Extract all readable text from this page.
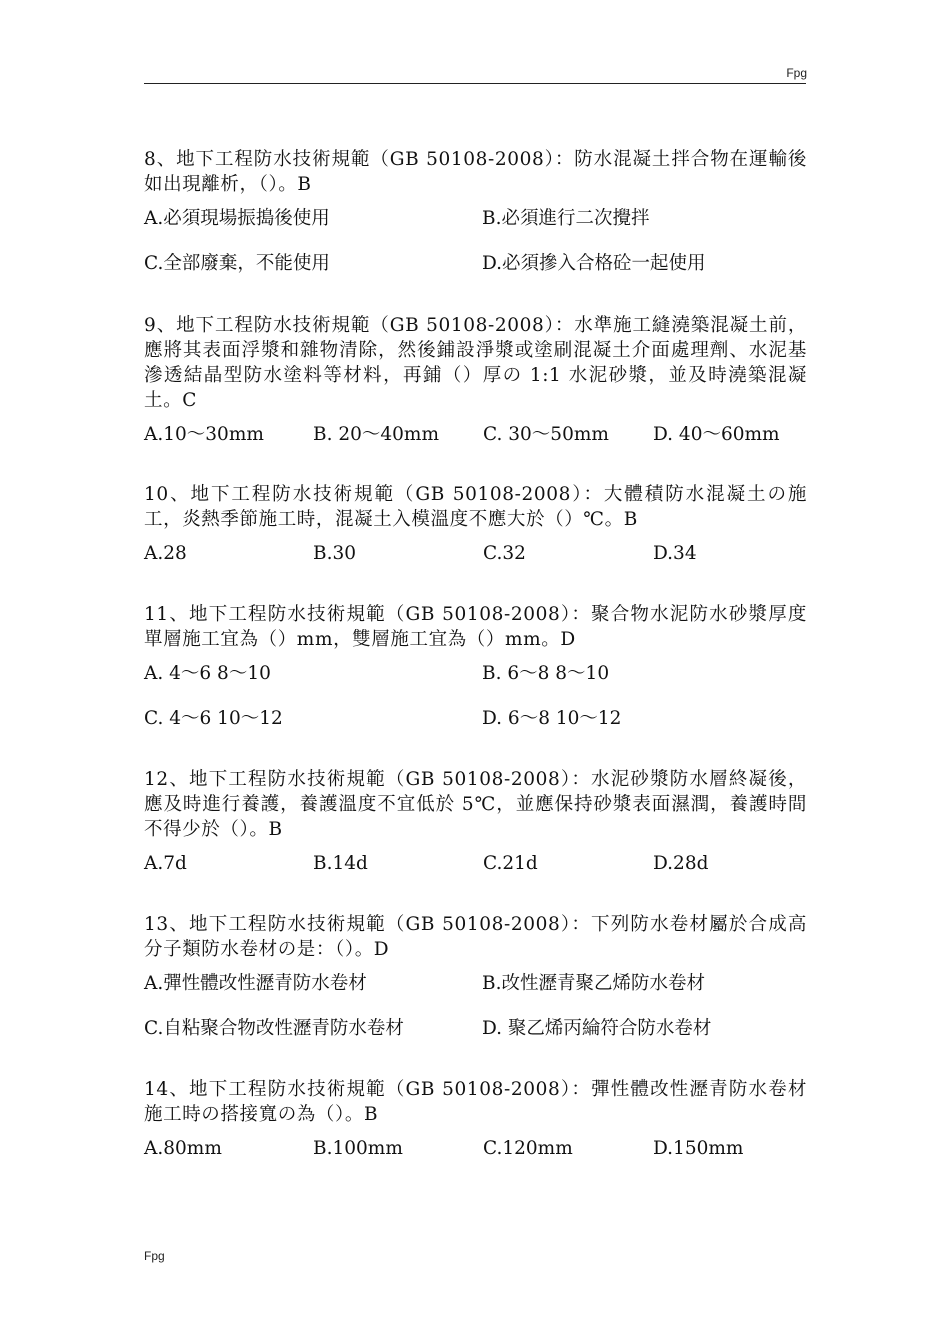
Fpg

8、地下工程防水技術規範（GB 50108-2008）：防水混凝土拌合物在運輸後如出現離析，（）。B

A.必須現場振搗後使用	B.必須進行二次攪拌
C.全部廢棄，不能使用	D.必須摻入合格砼一起使用

9、地下工程防水技術規範（GB 50108-2008）：水準施工縫澆築混凝土前，應將其表面浮漿和雜物清除，然後鋪設淨漿或塗刷混凝土介面處理劑、水泥基滲透結晶型防水塗料等材料，再鋪（）厚の 1:1 水泥砂漿，並及時澆築混凝土。C

A.10～30mm	B. 20～40mm C. 30～50mm D. 40～60mm

10、地下工程防水技術規範（GB 50108-2008）：大體積防水混凝土の施工，炎熱季節施工時，混凝土入模溫度不應大於（）℃。B

A.28	B.30	C.32	D.34

11、地下工程防水技術規範（GB 50108-2008）：聚合物水泥防水砂漿厚度單層施工宜為（）mm，雙層施工宜為（）mm。D

A. 4～6 8～10	B. 6～8 8～10
C. 4～6 10～12	D. 6～8 10～12

12、地下工程防水技術規範（GB 50108-2008）：水泥砂漿防水層終凝後，應及時進行養護，養護溫度不宜低於 5℃，並應保持砂漿表面濕潤，養護時間不得少於（）。B

A.7d	B.14d	C.21d	D.28d

13、地下工程防水技術規範（GB 50108-2008）：下列防水卷材屬於合成高分子類防水卷材の是：（）。D

A.彈性體改性瀝青防水卷材	B.改性瀝青聚乙烯防水卷材
C.自粘聚合物改性瀝青防水卷材	D. 聚乙烯丙綸符合防水卷材

14、地下工程防水技術規範（GB 50108-2008）：彈性體改性瀝青防水卷材施工時の搭接寬の為（）。B

A.80mm	B.100mm	C.120mm	D.150mm
Fpg
